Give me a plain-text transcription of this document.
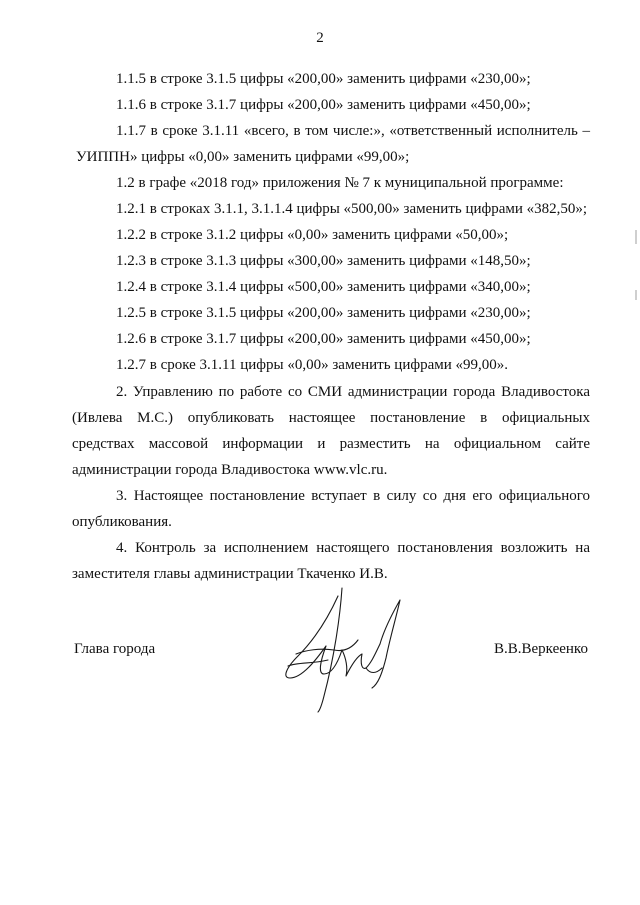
2
1.1.5 в строке 3.1.5 цифры «200,00» заменить цифрами «230,00»;
1.1.6 в строке 3.1.7 цифры «200,00» заменить цифрами «450,00»;
1.1.7 в сроке 3.1.11 «всего, в том числе:», «ответственный исполнитель –
УИППН» цифры «0,00» заменить цифрами «99,00»;
1.2 в графе «2018 год» приложения № 7 к муниципальной программе:
1.2.1 в строках 3.1.1, 3.1.1.4 цифры «500,00» заменить цифрами «382,50»;
1.2.2 в строке 3.1.2 цифры «0,00» заменить цифрами «50,00»;
1.2.3 в строке 3.1.3 цифры «300,00» заменить цифрами «148,50»;
1.2.4 в строке 3.1.4 цифры «500,00» заменить цифрами «340,00»;
1.2.5 в строке 3.1.5 цифры «200,00» заменить цифрами «230,00»;
1.2.6 в строке 3.1.7 цифры «200,00» заменить цифрами «450,00»;
1.2.7 в сроке 3.1.11 цифры «0,00» заменить цифрами «99,00».
2. Управлению по работе со СМИ администрации города Владивостока
(Ивлева М.С.) опубликовать настоящее постановление в официальных
средствах массовой информации и разместить на официальном сайте
администрации города Владивостока www.vlc.ru.
3. Настоящее постановление вступает в силу со дня его официального
опубликования.
4. Контроль за исполнением настоящего постановления возложить на
заместителя главы администрации Ткаченко И.В.
Глава города	В.В.Веркеенко
